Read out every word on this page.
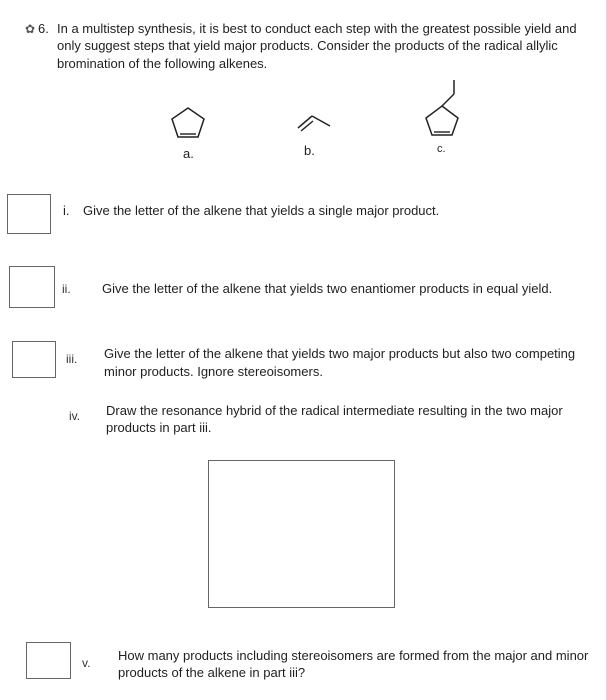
✿ 6. In a multistep synthesis, it is best to conduct each step with the greatest possible yield and
only suggest steps that yield major products. Consider the products of the radical allylic
bromination of the following alkenes.
a.	b.	c.
i. Give the letter of the alkene that yields a single major product.
ii. Give the letter of the alkene that yields two enantiomer products in equal yield.
iii. Give the letter of the alkene that yields two major products but also two competing
minor products. Ignore stereoisomers.
iv. Draw the resonance hybrid of the radical intermediate resulting in the two major
products in part iii.
v. How many products including stereoisomers are formed from the major and minor
products of the alkene in part iii?
